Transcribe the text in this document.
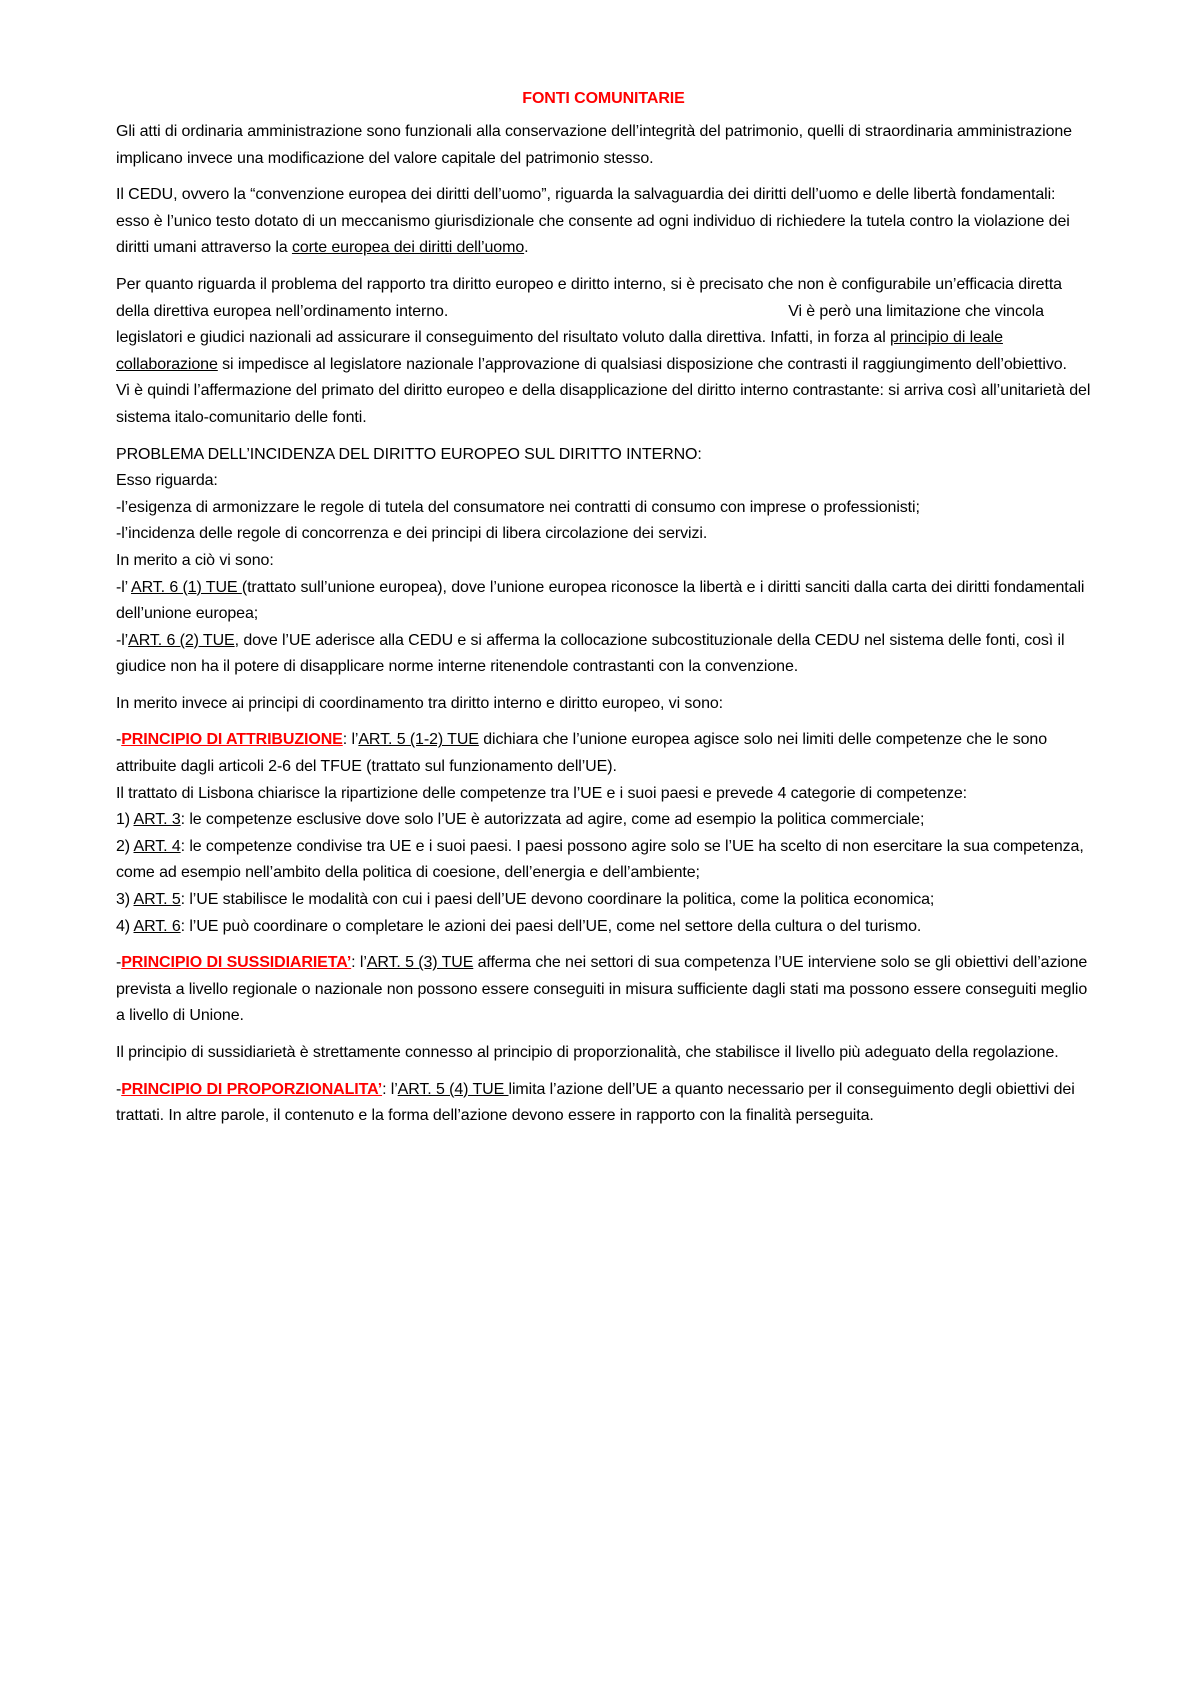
FONTI COMUNITARIE

Gli atti di ordinaria amministrazione sono funzionali alla conservazione dell’integrità del patrimonio, quelli di straordinaria amministrazione implicano invece una modificazione del valore capitale del patrimonio stesso.

Il CEDU, ovvero la “convenzione europea dei diritti dell’uomo”, riguarda la salvaguardia dei diritti dell’uomo e delle libertà fondamentali: esso è l’unico testo dotato di un meccanismo giurisdizionale che consente ad ogni individuo di richiedere la tutela contro la violazione dei diritti umani attraverso la corte europea dei diritti dell’uomo.

Per quanto riguarda il problema del rapporto tra diritto europeo e diritto interno, si è precisato che non è configurabile un’efficacia diretta della direttiva europea nell’ordinamento interno.	Vi è però una limitazione che vincola legislatori e giudici nazionali ad assicurare il conseguimento del risultato voluto dalla direttiva. Infatti, in forza al principio di leale collaborazione si impedisce al legislatore nazionale l’approvazione di qualsiasi disposizione che contrasti il raggiungimento dell’obiettivo.
Vi è quindi l’affermazione del primato del diritto europeo e della disapplicazione del diritto interno contrastante: si arriva così all’unitarietà del sistema italo-comunitario delle fonti.

PROBLEMA DELL’INCIDENZA DEL DIRITTO EUROPEO SUL DIRITTO INTERNO:

Esso riguarda:

-l’esigenza di armonizzare le regole di tutela del consumatore nei contratti di consumo con imprese o professionisti;

-l’incidenza delle regole di concorrenza e dei principi di libera circolazione dei servizi.

In merito a ciò vi sono:

-l’ ART. 6 (1) TUE (trattato sull’unione europea), dove l’unione europea riconosce la libertà e i diritti sanciti dalla carta dei diritti fondamentali dell’unione europea;

-l’ART. 6 (2) TUE, dove l’UE aderisce alla CEDU e si afferma la collocazione subcostituzionale della CEDU nel sistema delle fonti, così il giudice non ha il potere di disapplicare norme interne ritenendole contrastanti con la convenzione.

In merito invece ai principi di coordinamento tra diritto interno e diritto europeo, vi sono:

-PRINCIPIO DI ATTRIBUZIONE: l’ART. 5 (1-2) TUE dichiara che l’unione europea agisce solo nei limiti delle competenze che le sono attribuite dagli articoli 2-6 del TFUE (trattato sul funzionamento dell’UE).

Il trattato di Lisbona chiarisce la ripartizione delle competenze tra l’UE e i suoi paesi e prevede 4 categorie di competenze:

1) ART. 3: le competenze esclusive dove solo l’UE è autorizzata ad agire, come ad esempio la politica commerciale;

2) ART. 4: le competenze condivise tra UE e i suoi paesi. I paesi possono agire solo se l’UE ha scelto di non esercitare la sua competenza, come ad esempio nell’ambito della politica di coesione, dell’energia e dell’ambiente;

3) ART. 5: l’UE stabilisce le modalità con cui i paesi dell’UE devono coordinare la politica, come la politica economica;

4) ART. 6: l’UE può coordinare o completare le azioni dei paesi dell’UE, come nel settore della cultura o del turismo.

-PRINCIPIO DI SUSSIDIARIETA’: l’ART. 5 (3) TUE afferma che nei settori di sua competenza l’UE interviene solo se gli obiettivi dell’azione prevista a livello regionale o nazionale non possono essere conseguiti in misura sufficiente dagli stati ma possono essere conseguiti meglio a livello di Unione.

Il principio di sussidiarietà è strettamente connesso al principio di proporzionalità, che stabilisce il livello più adeguato della regolazione.

-PRINCIPIO DI PROPORZIONALITA’: l’ART. 5 (4) TUE limita l’azione dell’UE a quanto necessario per il conseguimento degli obiettivi dei trattati. In altre parole, il contenuto e la forma dell’azione devono essere in rapporto con la finalità perseguita.
